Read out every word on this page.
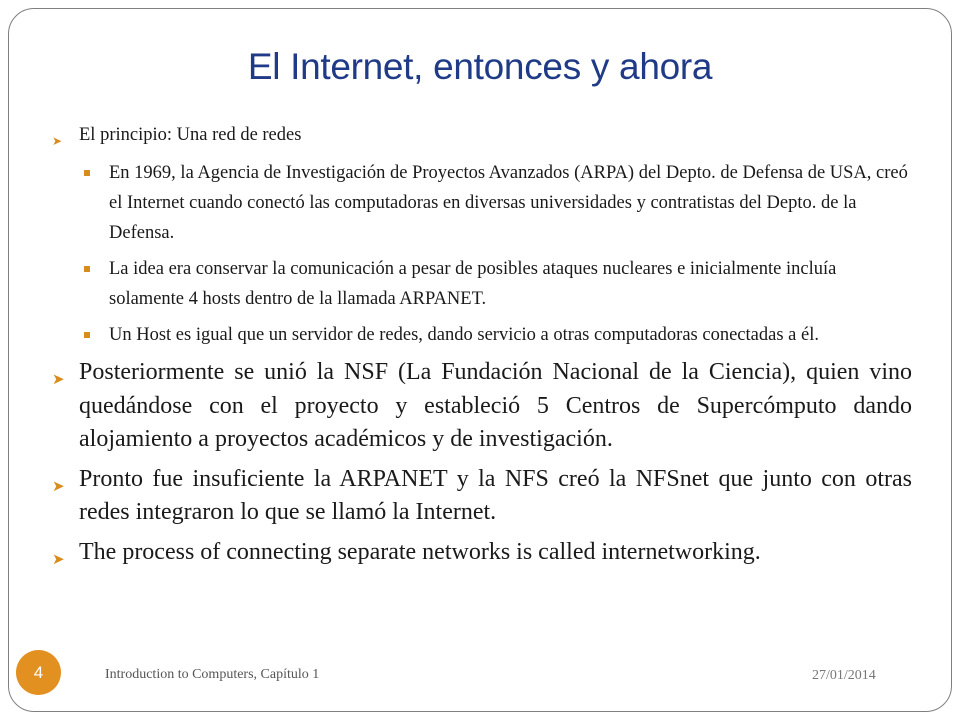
El Internet, entonces y ahora
➤ El principio: Una red de redes
En 1969, la Agencia de Investigación de Proyectos Avanzados (ARPA) del Depto. de Defensa de USA, creó el Internet cuando conectó las computadoras en diversas universidades y contratistas del Depto. de la Defensa.
La idea era conservar la comunicación a pesar de posibles ataques nucleares e inicialmente incluía solamente 4 hosts dentro de la llamada ARPANET.
Un Host es igual que un servidor de redes, dando servicio a otras computadoras conectadas a él.
➤ Posteriormente se unió la NSF (La Fundación Nacional de la Ciencia), quien vino quedándose con el proyecto y estableció 5 Centros de Supercómputo dando alojamiento a proyectos académicos y de investigación.
➤ Pronto fue insuficiente la ARPANET y la NFS creó la NFSnet que junto con otras redes integraron lo que se llamó la Internet.
➤ The process of connecting separate networks is called internetworking.
4	Introduction to Computers, Capítulo 1	27/01/2014
